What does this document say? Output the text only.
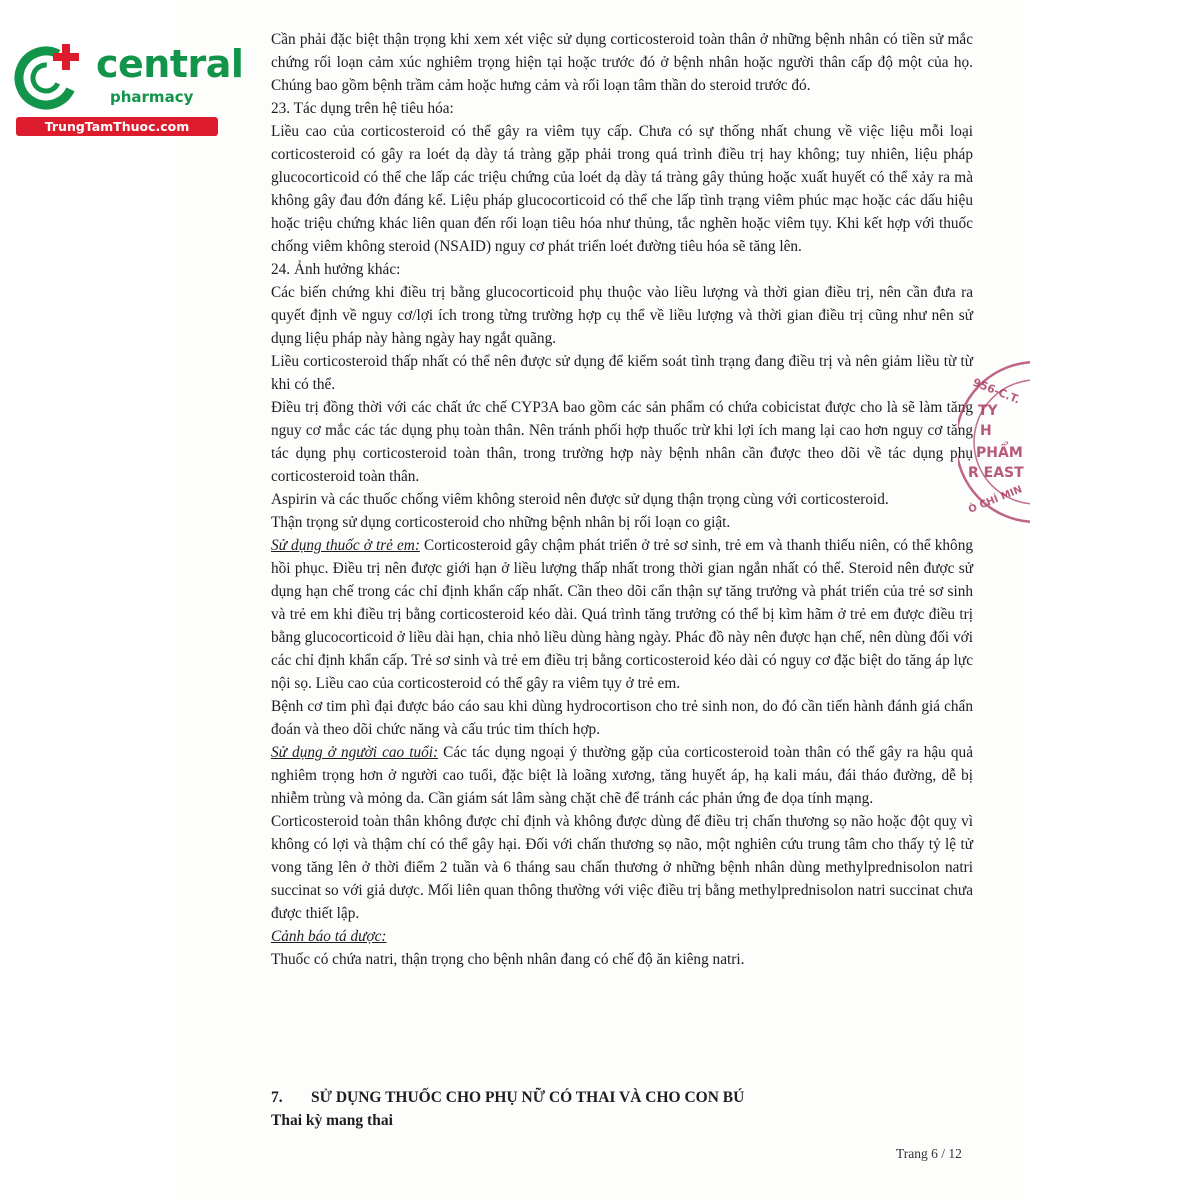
central
pharmacy
TrungTamThuoc.com

Cần phải đặc biệt thận trọng khi xem xét việc sử dụng corticosteroid toàn thân ở những bệnh nhân có tiền sử mắc chứng rối loạn cảm xúc nghiêm trọng hiện tại hoặc trước đó ở bệnh nhân hoặc người thân cấp độ một của họ. Chúng bao gồm bệnh trầm cảm hoặc hưng cảm và rối loạn tâm thần do steroid trước đó.

23. Tác dụng trên hệ tiêu hóa:

Liều cao của corticosteroid có thể gây ra viêm tụy cấp. Chưa có sự thống nhất chung về việc liệu mỗi loại corticosteroid có gây ra loét dạ dày tá tràng gặp phải trong quá trình điều trị hay không; tuy nhiên, liệu pháp glucocorticoid có thể che lấp các triệu chứng của loét dạ dày tá tràng gây thủng hoặc xuất huyết có thể xảy ra mà không gây đau đớn đáng kể. Liệu pháp glucocorticoid có thể che lấp tình trạng viêm phúc mạc hoặc các dấu hiệu hoặc triệu chứng khác liên quan đến rối loạn tiêu hóa như thủng, tắc nghẽn hoặc viêm tụy. Khi kết hợp với thuốc chống viêm không steroid (NSAID) nguy cơ phát triển loét đường tiêu hóa sẽ tăng lên.

24. Ảnh hưởng khác:

Các biến chứng khi điều trị bằng glucocorticoid phụ thuộc vào liều lượng và thời gian điều trị, nên cần đưa ra quyết định về nguy cơ/lợi ích trong từng trường hợp cụ thể về liều lượng và thời gian điều trị cũng như nên sử dụng liệu pháp này hàng ngày hay ngắt quãng.

Liều corticosteroid thấp nhất có thể nên được sử dụng để kiểm soát tình trạng đang điều trị và nên giảm liều từ từ khi có thể.

Điều trị đồng thời với các chất ức chế CYP3A bao gồm các sản phẩm có chứa cobicistat được cho là sẽ làm tăng nguy cơ mắc các tác dụng phụ toàn thân. Nên tránh phối hợp thuốc trừ khi lợi ích mang lại cao hơn nguy cơ tăng tác dụng phụ corticosteroid toàn thân, trong trường hợp này bệnh nhân cần được theo dõi về tác dụng phụ corticosteroid toàn thân.

Aspirin và các thuốc chống viêm không steroid nên được sử dụng thận trọng cùng với corticosteroid.

Thận trọng sử dụng corticosteroid cho những bệnh nhân bị rối loạn co giật.

Sử dụng thuốc ở trẻ em: Corticosteroid gây chậm phát triển ở trẻ sơ sinh, trẻ em và thanh thiếu niên, có thể không hồi phục. Điều trị nên được giới hạn ở liều lượng thấp nhất trong thời gian ngắn nhất có thể. Steroid nên được sử dụng hạn chế trong các chỉ định khẩn cấp nhất. Cần theo dõi cẩn thận sự tăng trưởng và phát triển của trẻ sơ sinh và trẻ em khi điều trị bằng corticosteroid kéo dài. Quá trình tăng trưởng có thể bị kìm hãm ở trẻ em được điều trị bằng glucocorticoid ở liều dài hạn, chia nhỏ liều dùng hàng ngày. Phác đồ này nên được hạn chế, nên dùng đối với các chỉ định khẩn cấp. Trẻ sơ sinh và trẻ em điều trị bằng corticosteroid kéo dài có nguy cơ đặc biệt do tăng áp lực nội sọ. Liều cao của corticosteroid có thể gây ra viêm tụy ở trẻ em.

Bệnh cơ tim phì đại được báo cáo sau khi dùng hydrocortison cho trẻ sinh non, do đó cần tiến hành đánh giá chẩn đoán và theo dõi chức năng và cấu trúc tim thích hợp.

Sử dụng ở người cao tuổi: Các tác dụng ngoại ý thường gặp của corticosteroid toàn thân có thể gây ra hậu quả nghiêm trọng hơn ở người cao tuổi, đặc biệt là loãng xương, tăng huyết áp, hạ kali máu, đái tháo đường, dễ bị nhiễm trùng và mỏng da. Cần giám sát lâm sàng chặt chẽ để tránh các phản ứng đe dọa tính mạng.

Corticosteroid toàn thân không được chỉ định và không được dùng để điều trị chấn thương sọ não hoặc đột quỵ vì không có lợi và thậm chí có thể gây hại. Đối với chấn thương sọ não, một nghiên cứu trung tâm cho thấy tỷ lệ tử vong tăng lên ở thời điểm 2 tuần và 6 tháng sau chấn thương ở những bệnh nhân dùng methylprednisolon natri succinat so với giả dược. Mối liên quan thông thường với việc điều trị bằng methylprednisolon natri succinat chưa được thiết lập.

Cảnh báo tá dược:

Thuốc có chứa natri, thận trọng cho bệnh nhân đang có chế độ ăn kiêng natri.

7. SỬ DỤNG THUỐC CHO PHỤ NỮ CÓ THAI VÀ CHO CON BÚ
Thai kỳ mang thai
956-C.T.
TY
H
PHẨM
R EAST
Ó CHÍ MIN
Trang 6 / 12
